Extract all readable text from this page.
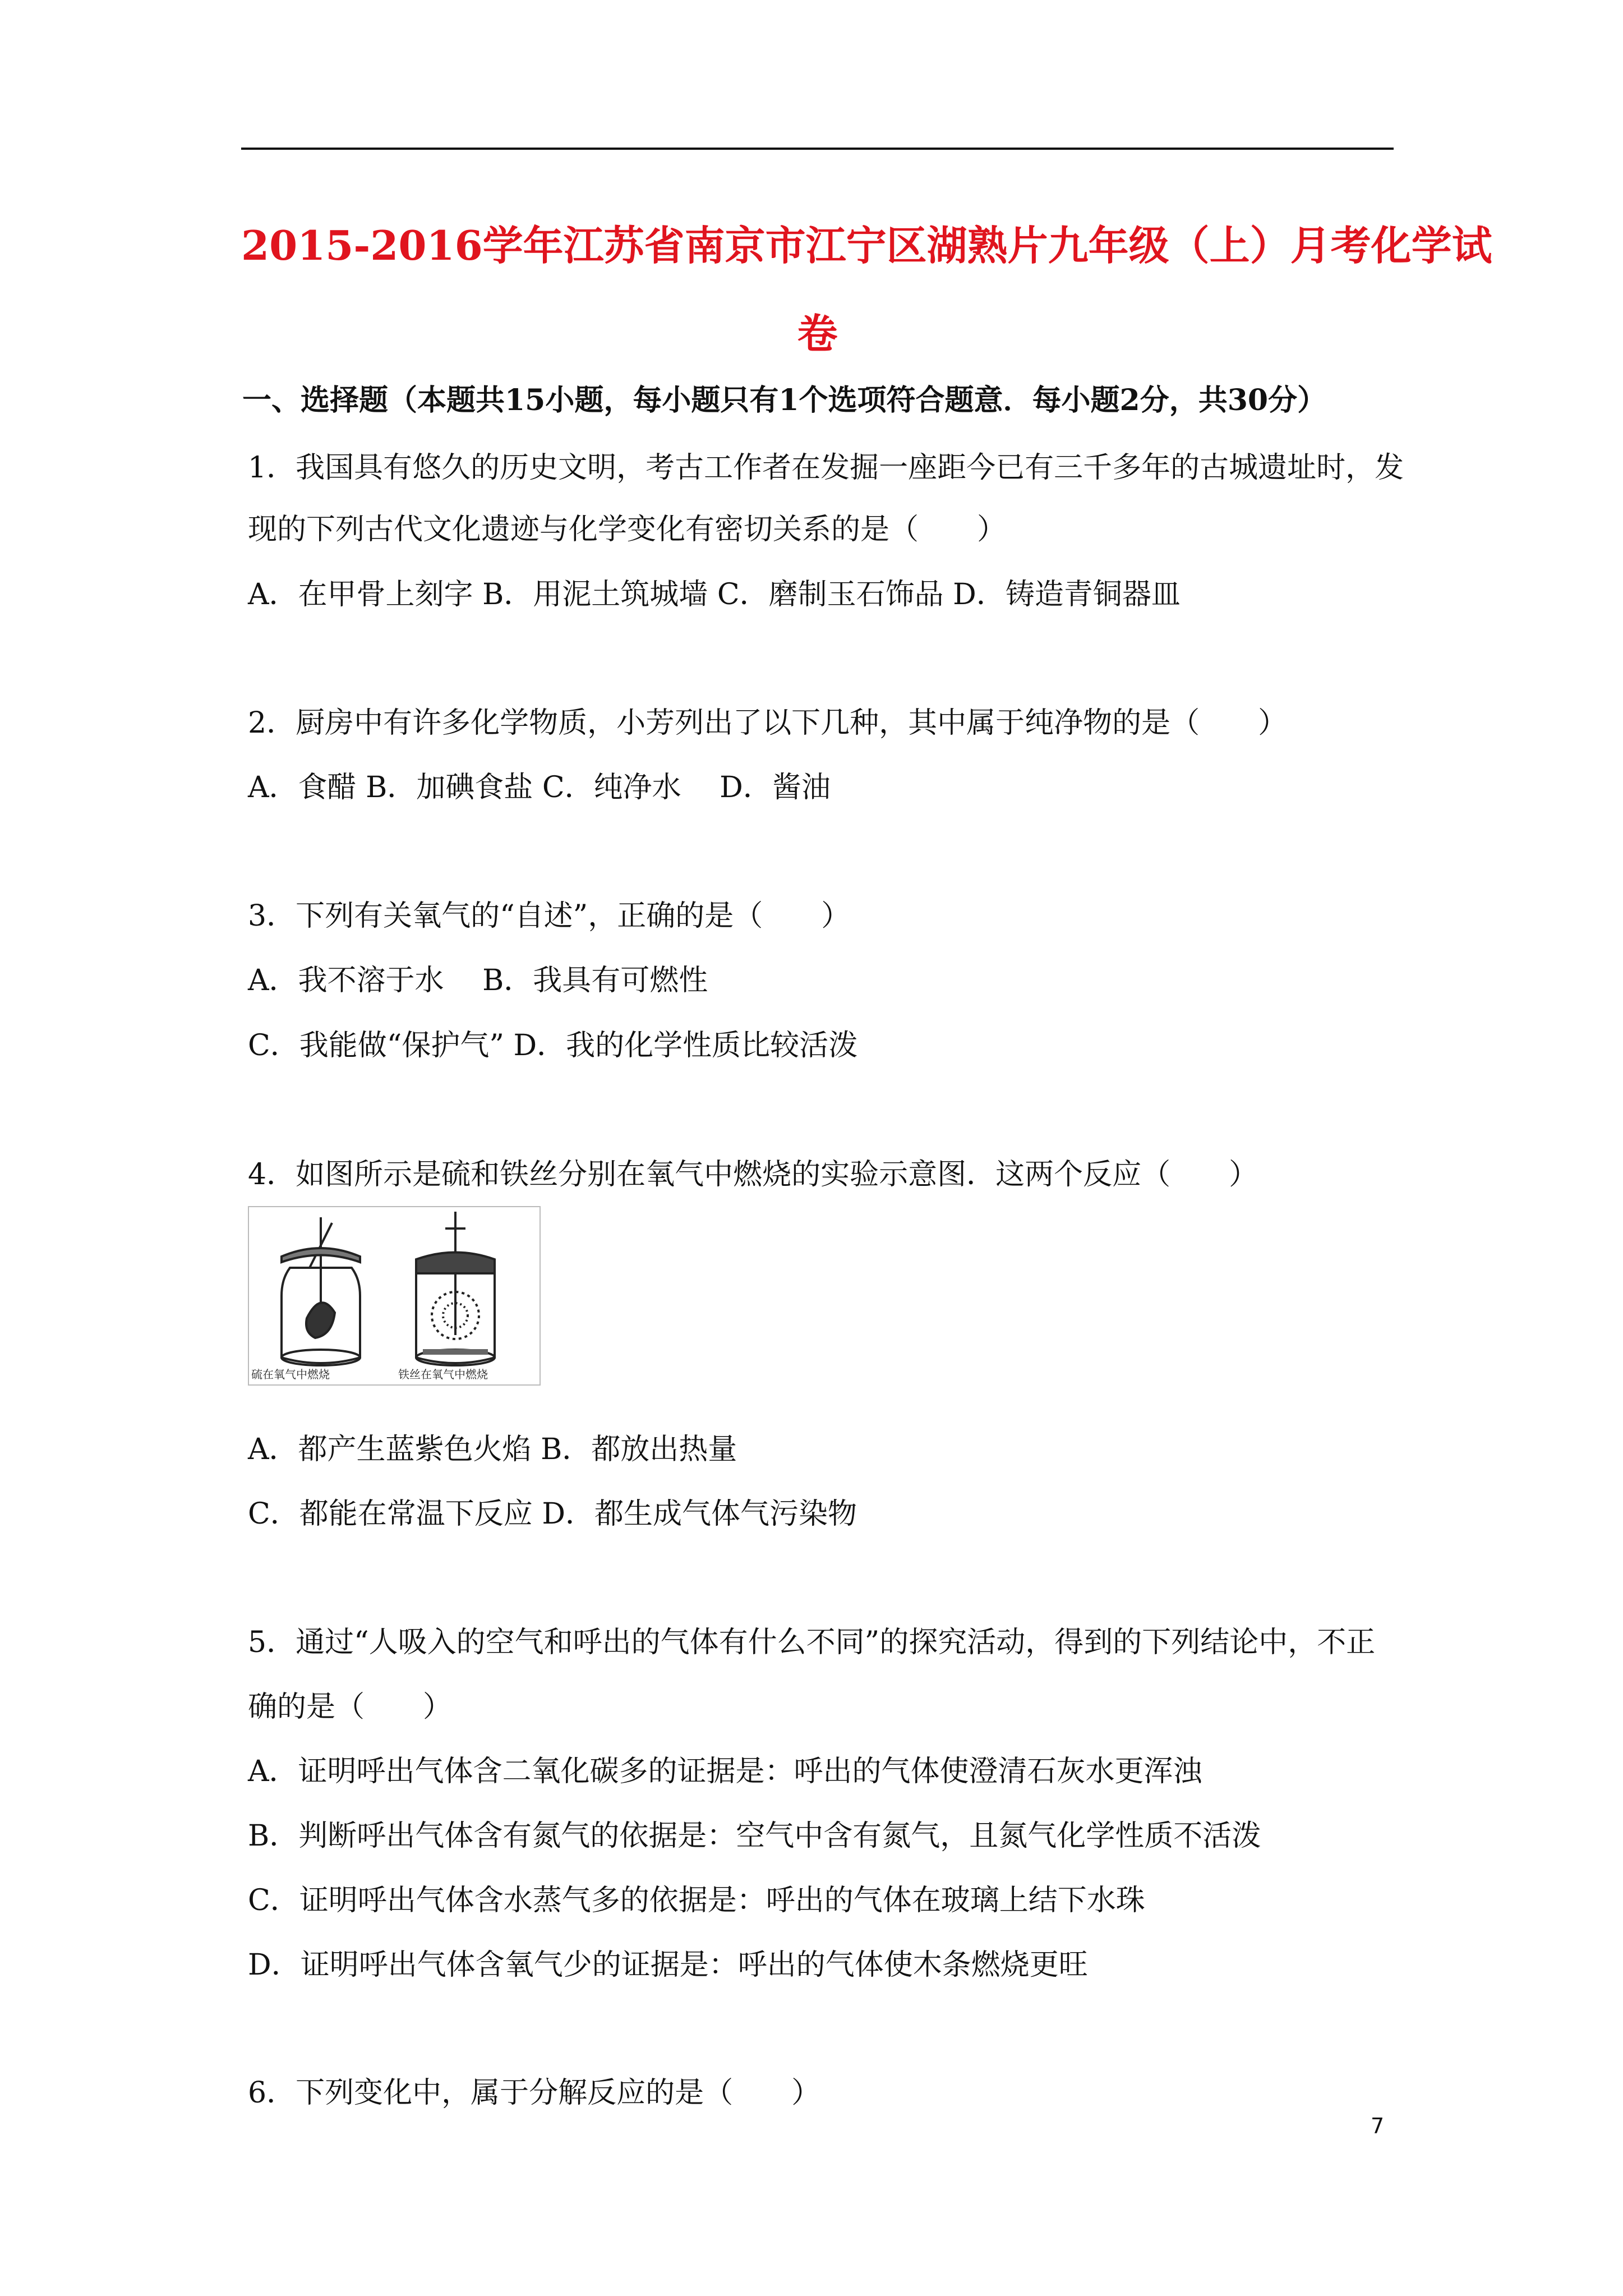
2015-2016学年江苏省南京市江宁区湖熟片九年级（上）月考化学试
卷
一、选择题（本题共15小题，每小题只有1个选项符合题意．每小题2分，共30分）
1．我国具有悠久的历史文明，考古工作者在发掘一座距今已有三千多年的古城遗址时，发
现的下列古代文化遗迹与化学变化有密切关系的是（　　）
A．在甲骨上刻字 B．用泥土筑城墙 C．磨制玉石饰品 D．铸造青铜器皿
2．厨房中有许多化学物质，小芳列出了以下几种，其中属于纯净物的是（　　）
A．食醋 B．加碘食盐 C．纯净水　 D．酱油
3．下列有关氧气的“自述”，正确的是（　　）
A．我不溶于水　 B．我具有可燃性
C．我能做“保护气” D．我的化学性质比较活泼
4．如图所示是硫和铁丝分别在氧气中燃烧的实验示意图．这两个反应（　　）
硫在氧气中燃烧	铁丝在氧气中燃烧
A．都产生蓝紫色火焰 B．都放出热量
C．都能在常温下反应 D．都生成气体气污染物
5．通过“人吸入的空气和呼出的气体有什么不同”的探究活动，得到的下列结论中，不正
确的是（　　）
A．证明呼出气体含二氧化碳多的证据是：呼出的气体使澄清石灰水更浑浊
B．判断呼出气体含有氮气的依据是：空气中含有氮气，且氮气化学性质不活泼
C．证明呼出气体含水蒸气多的依据是：呼出的气体在玻璃上结下水珠
D．证明呼出气体含氧气少的证据是：呼出的气体使木条燃烧更旺
6．下列变化中，属于分解反应的是（　　）
7
